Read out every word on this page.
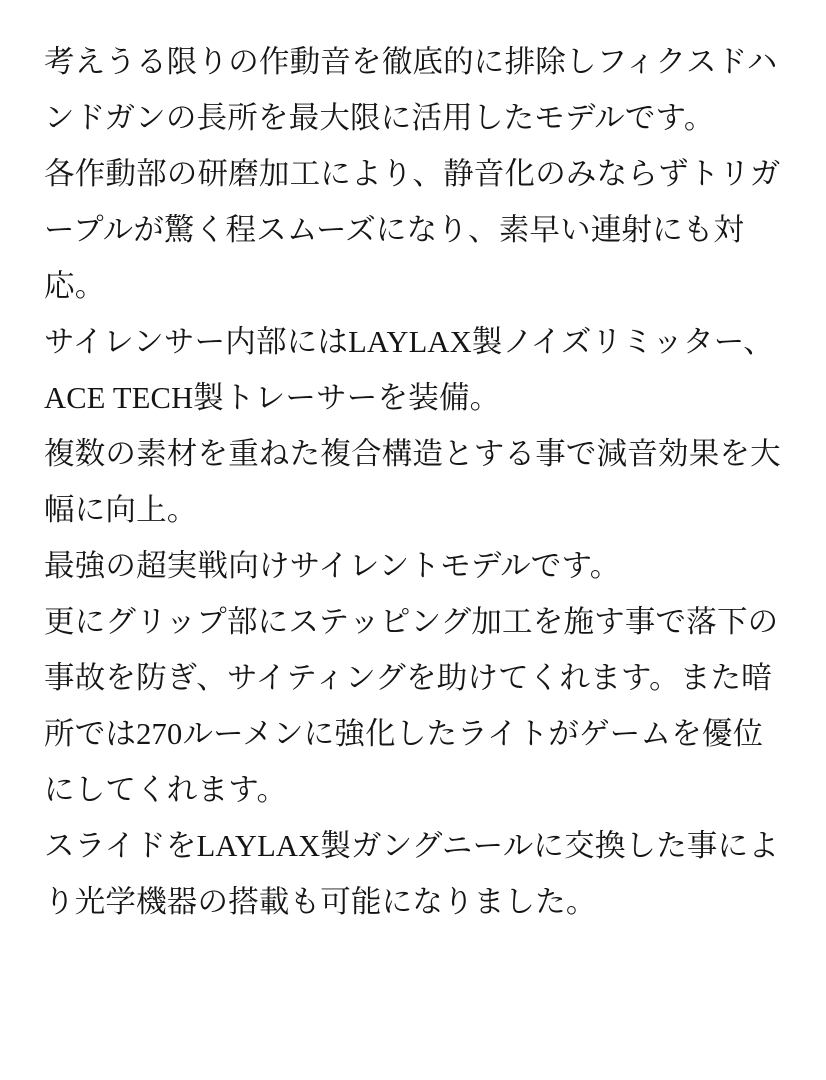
考えうる限りの作動音を徹底的に排除しフィクスドハンドガンの長所を最大限に活用したモデルです。

各作動部の研磨加工により、静音化のみならずトリガープルが驚く程スムーズになり、素早い連射にも対応。

サイレンサー内部にはLAYLAX製ノイズリミッター、ACE TECH製トレーサーを装備。

複数の素材を重ねた複合構造とする事で減音効果を大幅に向上。

最強の超実戦向けサイレントモデルです。

更にグリップ部にステッピング加工を施す事で落下の事故を防ぎ、サイティングを助けてくれます。また暗所では270ルーメンに強化したライトがゲームを優位にしてくれます。

スライドをLAYLAX製ガングニールに交換した事により光学機器の搭載も可能になりました。
